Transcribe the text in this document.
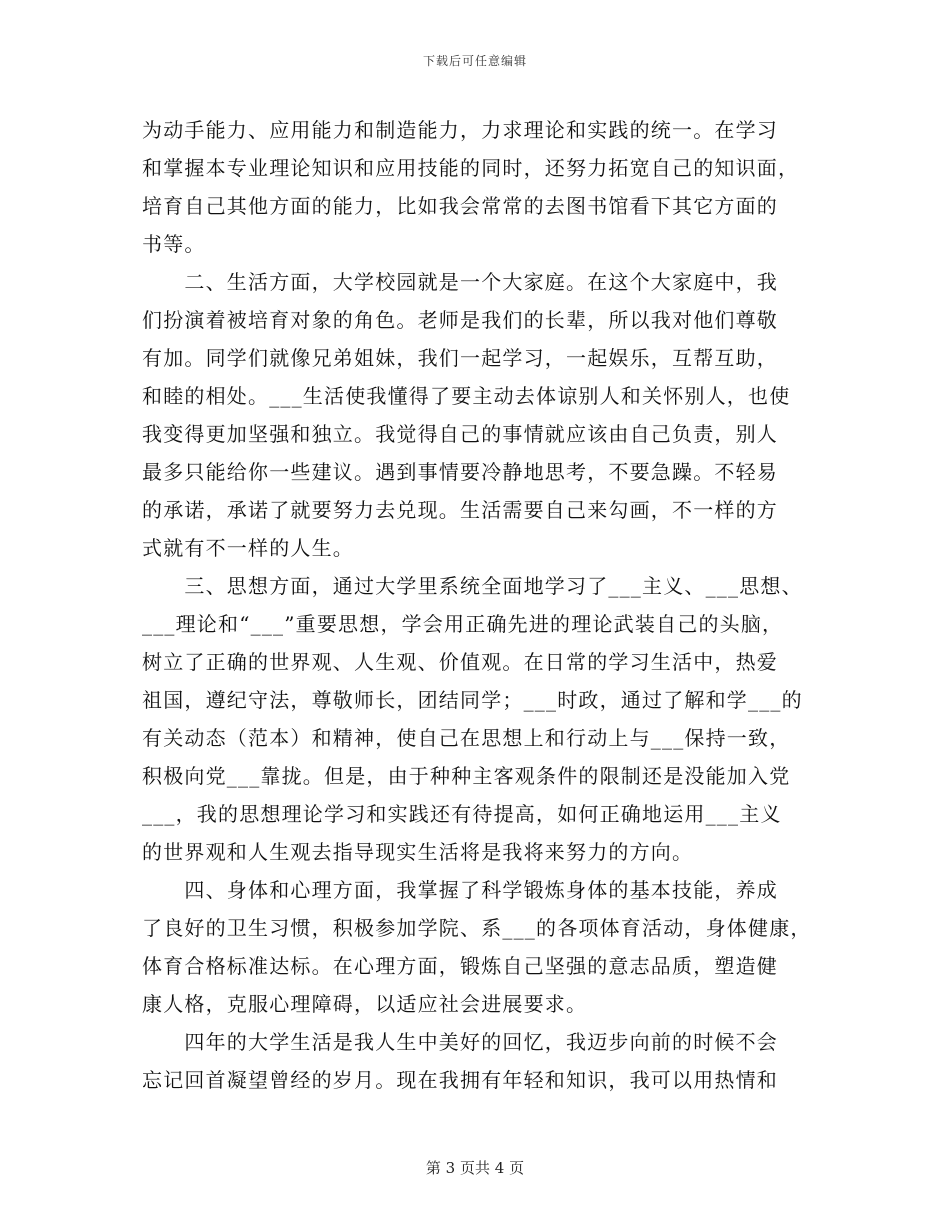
下载后可任意编辑
为动手能力、应用能力和制造能力，力求理论和实践的统一。在学习
和掌握本专业理论知识和应用技能的同时，还努力拓宽自己的知识面，
培育自己其他方面的能力，比如我会常常的去图书馆看下其它方面的
书等。
　　二、生活方面，大学校园就是一个大家庭。在这个大家庭中，我
们扮演着被培育对象的角色。老师是我们的长辈，所以我对他们尊敬
有加。同学们就像兄弟姐妹，我们一起学习，一起娱乐，互帮互助，
和睦的相处。___生活使我懂得了要主动去体谅别人和关怀别人，也使
我变得更加坚强和独立。我觉得自己的事情就应该由自己负责，别人
最多只能给你一些建议。遇到事情要冷静地思考，不要急躁。不轻易
的承诺，承诺了就要努力去兑现。生活需要自己来勾画，不一样的方
式就有不一样的人生。
　　三、思想方面，通过大学里系统全面地学习了___主义、___思想、
___理论和“___”重要思想，学会用正确先进的理论武装自己的头脑，
树立了正确的世界观、人生观、价值观。在日常的学习生活中，热爱
祖国，遵纪守法，尊敬师长，团结同学；___时政，通过了解和学___的
有关动态（范本）和精神，使自己在思想上和行动上与___保持一致，
积极向党___靠拢。但是，由于种种主客观条件的限制还是没能加入党
___，我的思想理论学习和实践还有待提高，如何正确地运用___主义
的世界观和人生观去指导现实生活将是我将来努力的方向。
　　四、身体和心理方面，我掌握了科学锻炼身体的基本技能，养成
了良好的卫生习惯，积极参加学院、系___的各项体育活动，身体健康，
体育合格标准达标。在心理方面，锻炼自己坚强的意志品质，塑造健
康人格，克服心理障碍，以适应社会进展要求。
　　四年的大学生活是我人生中美好的回忆，我迈步向前的时候不会
忘记回首凝望曾经的岁月。现在我拥有年轻和知识，我可以用热情和
第 3 页共 4 页
